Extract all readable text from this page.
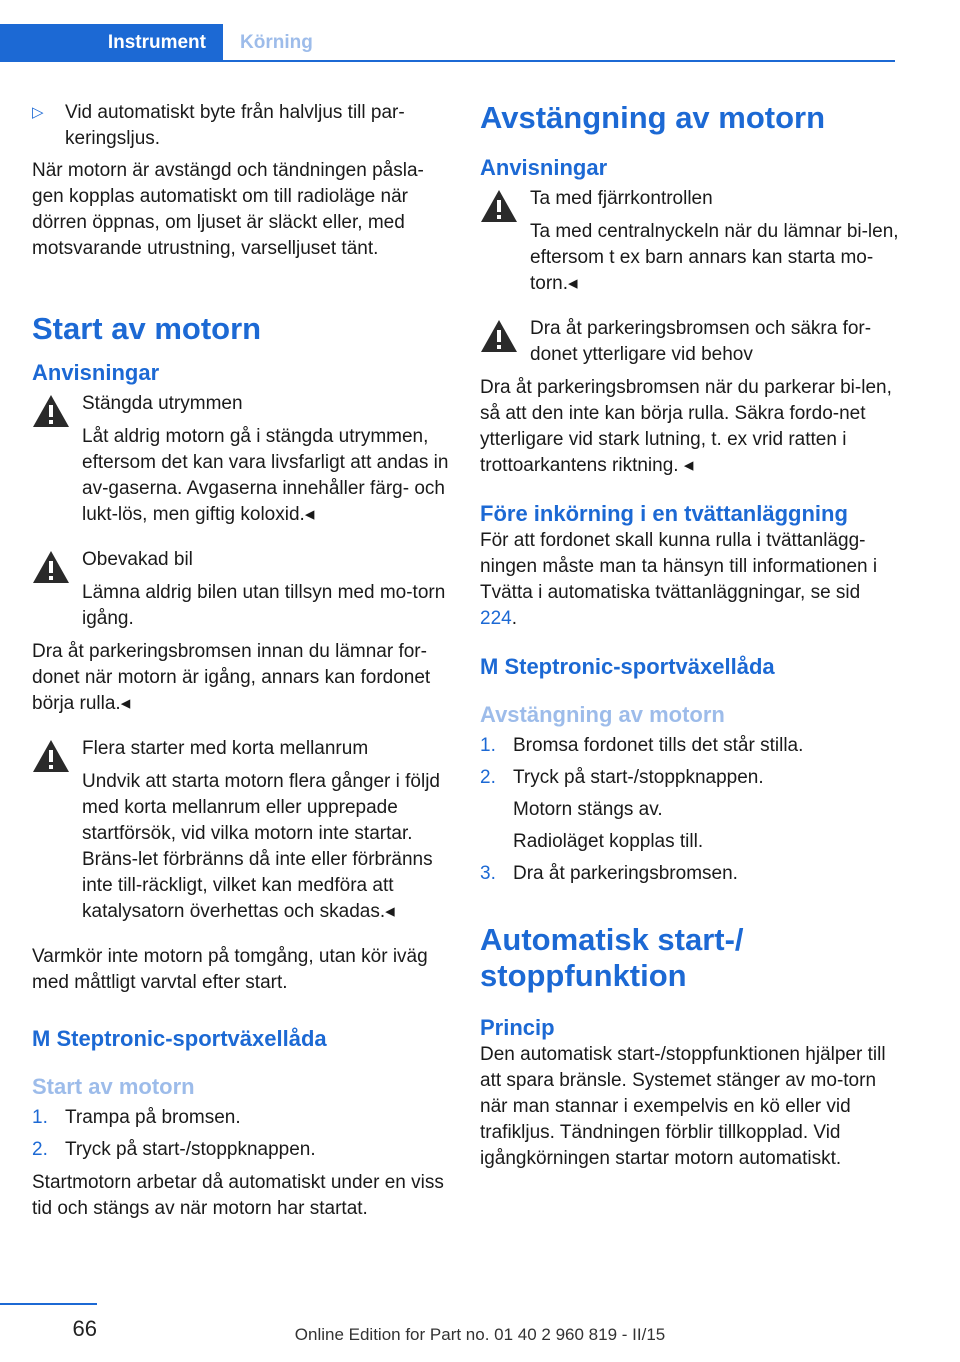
Instrument	Körning
▷ Vid automatiskt byte från halvljus till par-keringsljus.

När motorn är avstängd och tändningen påsla-gen kopplas automatiskt om till radioläge när dörren öppnas, om ljuset är släckt eller, med motsvarande utrustning, varselljuset tänt.

Start av motorn
Anvisningar

Stängda utrymmen

Låt aldrig motorn gå i stängda utrymmen, eftersom det kan vara livsfarligt att andas in av-gaserna. Avgaserna innehåller färg- och lukt-lös, men giftig koloxid.◂

Obevakad bil

Lämna aldrig bilen utan tillsyn med mo-torn igång.

Dra åt parkeringsbromsen innan du lämnar for-donet när motorn är igång, annars kan fordonet börja rulla.◂

Flera starter med korta mellanrum

Undvik att starta motorn flera gånger i följd med korta mellanrum eller upprepade startförsök, vid vilka motorn inte startar. Bräns-let förbränns då inte eller förbränns inte till-räckligt, vilket kan medföra att katalysatorn överhettas och skadas.◂

Varmkör inte motorn på tomgång, utan kör iväg med måttligt varvtal efter start.

M Steptronic-sportväxellåda
Start av motorn
1. Trampa på bromsen.
2. Tryck på start-/stoppknappen.

Startmotorn arbetar då automatiskt under en viss tid och stängs av när motorn har startat.

Avstängning av motorn
Anvisningar

Ta med fjärrkontrollen

Ta med centralnyckeln när du lämnar bi-len, eftersom t ex barn annars kan starta mo-torn.◂

Dra åt parkeringsbromsen och säkra for-donet ytterligare vid behov

Dra åt parkeringsbromsen när du parkerar bi-len, så att den inte kan börja rulla. Säkra fordo-net ytterligare vid stark lutning, t. ex vrid ratten i trottoarkantens riktning. ◂

Före inkörning i en tvättanläggning

För att fordonet skall kunna rulla i tvättanlägg-ningen måste man ta hänsyn till informationen i Tvätta i automatiska tvättanläggningar, se sid 224.

M Steptronic-sportväxellåda
Avstängning av motorn
1. Bromsa fordonet tills det står stilla.
2. Tryck på start-/stoppknappen.
Motorn stängs av.
Radioläget kopplas till.
3. Dra åt parkeringsbromsen.
Automatisk start-/ stoppfunktion
Princip

Den automatisk start-/stoppfunktionen hjälper till att spara bränsle. Systemet stänger av mo-torn när man stannar i exempelvis en kö eller vid trafikljus. Tändningen förblir tillkopplad. Vid igångkörningen startar motorn automatiskt.

66	Online Edition for Part no. 01 40 2 960 819 - II/15
